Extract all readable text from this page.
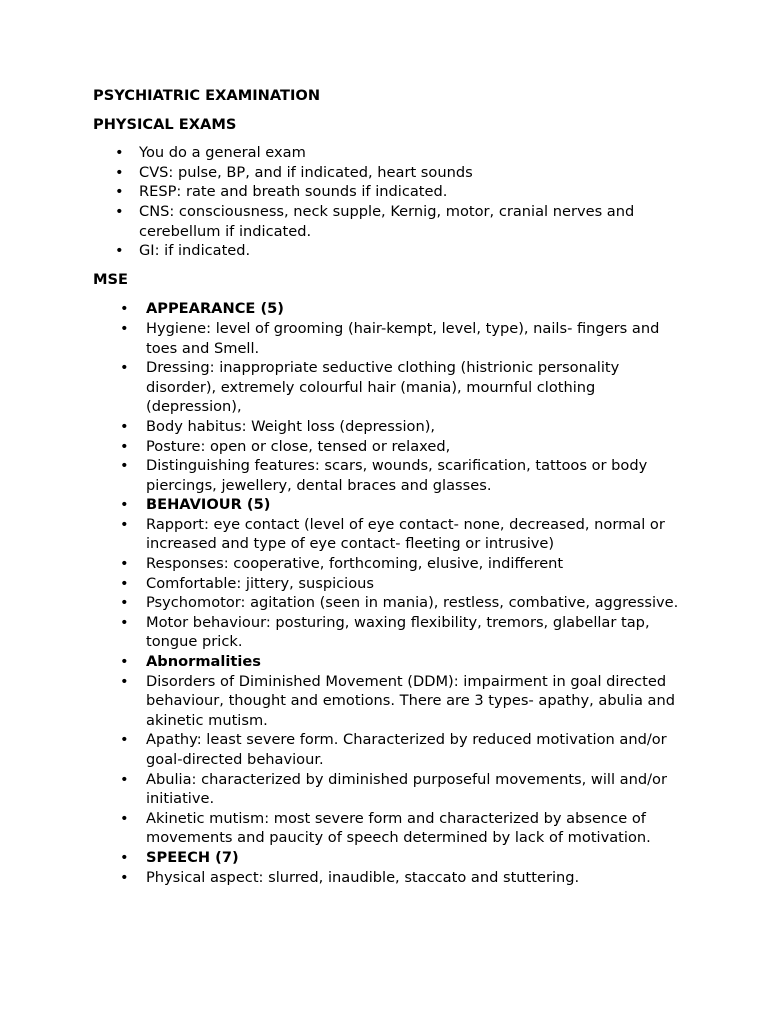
PSYCHIATRIC EXAMINATION

PHYSICAL EXAMS

• You do a general exam
• CVS: pulse, BP, and if indicated, heart sounds
• RESP: rate and breath sounds if indicated.
• CNS: consciousness, neck supple, Kernig, motor, cranial nerves and cerebellum if indicated.
• GI: if indicated.

MSE

• APPEARANCE (5)
• Hygiene: level of grooming (hair-kempt, level, type), nails- fingers and toes and Smell.
• Dressing: inappropriate seductive clothing (histrionic personality disorder), extremely colourful hair (mania), mournful clothing (depression),
• Body habitus: Weight loss (depression),
• Posture: open or close, tensed or relaxed,
• Distinguishing features: scars, wounds, scarification, tattoos or body piercings, jewellery, dental braces and glasses.
• BEHAVIOUR (5)
• Rapport: eye contact (level of eye contact- none, decreased, normal or increased and type of eye contact- fleeting or intrusive)
• Responses: cooperative, forthcoming, elusive, indifferent
• Comfortable: jittery, suspicious
• Psychomotor: agitation (seen in mania), restless, combative, aggressive.
• Motor behaviour: posturing, waxing flexibility, tremors, glabellar tap, tongue prick.
• Abnormalities
• Disorders of Diminished Movement (DDM): impairment in goal directed behaviour, thought and emotions. There are 3 types- apathy, abulia and akinetic mutism.
• Apathy: least severe form. Characterized by reduced motivation and/or goal-directed behaviour.
• Abulia: characterized by diminished purposeful movements, will and/or initiative.
• Akinetic mutism: most severe form and characterized by absence of movements and paucity of speech determined by lack of motivation.
• SPEECH (7)
• Physical aspect: slurred, inaudible, staccato and stuttering.
